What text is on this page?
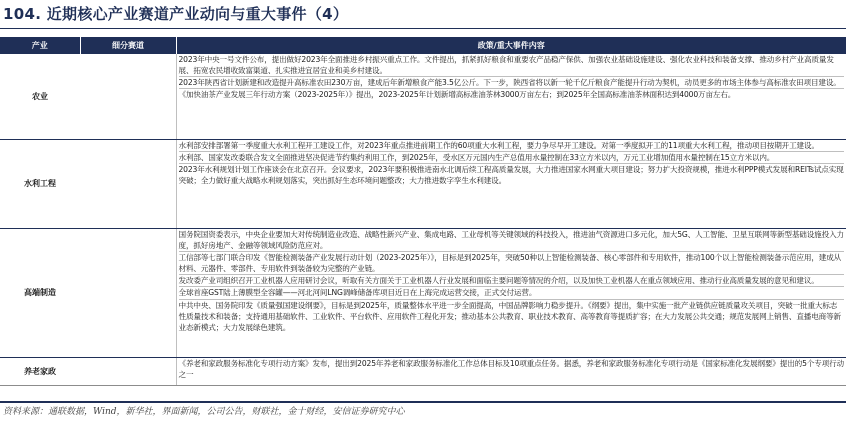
104. 近期核心产业赛道产业动向与重大事件（4）
产业	细分赛道	政策/重大事件内容
农业		2023年中央一号文件公布，提出做好2023年全面推进乡村振兴重点工作。文件提出，抓紧抓好粮食和重要农产品稳产保供、加强农业基础设施建设、强化农业科技和装备支撑、推动乡村产业高质量发展、拓宽农民增收致富渠道、扎实推进宜居宜业和美乡村建设。
2023年陕西省计划新建和改造提升高标准农田230万亩，建成后年新增粮食产能3.5亿公斤。下一步，陕西省将以新一轮千亿斤粮食产能提升行动为契机，动员更多的市场主体参与高标准农田项目建设。
《加快油茶产业发展三年行动方案（2023-2025年）》提出，2023-2025年计划新增高标准油茶林3000万亩左右；到2025年全国高标准油茶林面积达到4000万亩左右。

水利工程		水利部安排部署第一季度重大水利工程开工建设工作，对2023年重点推进前期工作的60项重大水利工程，要力争尽早开工建设。对第一季度拟开工的11项重大水利工程，推动项目按期开工建设。
水利部、国家发改委联合发文全面推进坚决促进节约集约利用工作，到2025年，受水区万元国内生产总值用水量控制在33立方米以内，万元工业增加值用水量控制在15立方米以内。
2023年水利规划计划工作座谈会在北京召开。会议要求，2023年要积极推进南水北调后续工程高质量发展，大力推进国家水网重大项目建设；努力扩大投资规模，推进水利PPP模式发展和REITs试点实现突破；全力做好重大战略水利规划落实，突出抓好生态环境问题整改；大力推进数字孪生水利建设。

高端制造		国务院国资委表示，中央企业要加大对传统制造业改造、战略性新兴产业、集成电路、工业母机等关键领域的科技投入，推进油气资源进口多元化，加大5G、人工智能、卫星互联网等新型基础设施投入力度，抓好房地产、金融等领域风险防范应对。
工信部等七部门联合印发《智能检测装备产业发展行动计划（2023-2025年）》，目标是到2025年，突破50种以上智能检测装备、核心零部件和专用软件，推动100个以上智能检测装备示范应用，建成从材料、元器件、零部件、专用软件到装备较为完整的产业链。
发改委产业司组织召开工业机器人应用研讨会议，听取有关方面关于工业机器人行业发展和面临主要问题等情况的介绍，以及加快工业机器人在重点领域应用、推动行业高质量发展的意见和建议。
全球首座GST陆上薄膜型全容罐——河北河间LNG调峰储备库项目近日在上海完成运营交接，正式交付运营。
中共中央、国务院印发《质量强国建设纲要》，目标是到2025年，质量整体水平进一步全面提高，中国品牌影响力稳步提升。《纲要》提出，集中实施一批产业链供应链质量攻关项目，突破一批重大标志性质量技术和装备；支持通用基础软件、工业软件、平台软件、应用软件工程化开发；推动基本公共教育、职业技术教育、高等教育等提质扩容；在大力发展公共交通；规范发展网上销售、直播电商等新业态新模式；大力发展绿色建筑。

养老家政		《养老和家政服务标准化专项行动方案》发布，提出到2025年养老和家政服务标准化工作总体目标及10项重点任务。据悉，养老和家政服务标准化专项行动是《国家标准化发展纲要》提出的5个专项行动之一
资料来源：通联数据，Wind，新华社，界面新闻，公司公告，财联社，金十财经，安信证券研究中心
